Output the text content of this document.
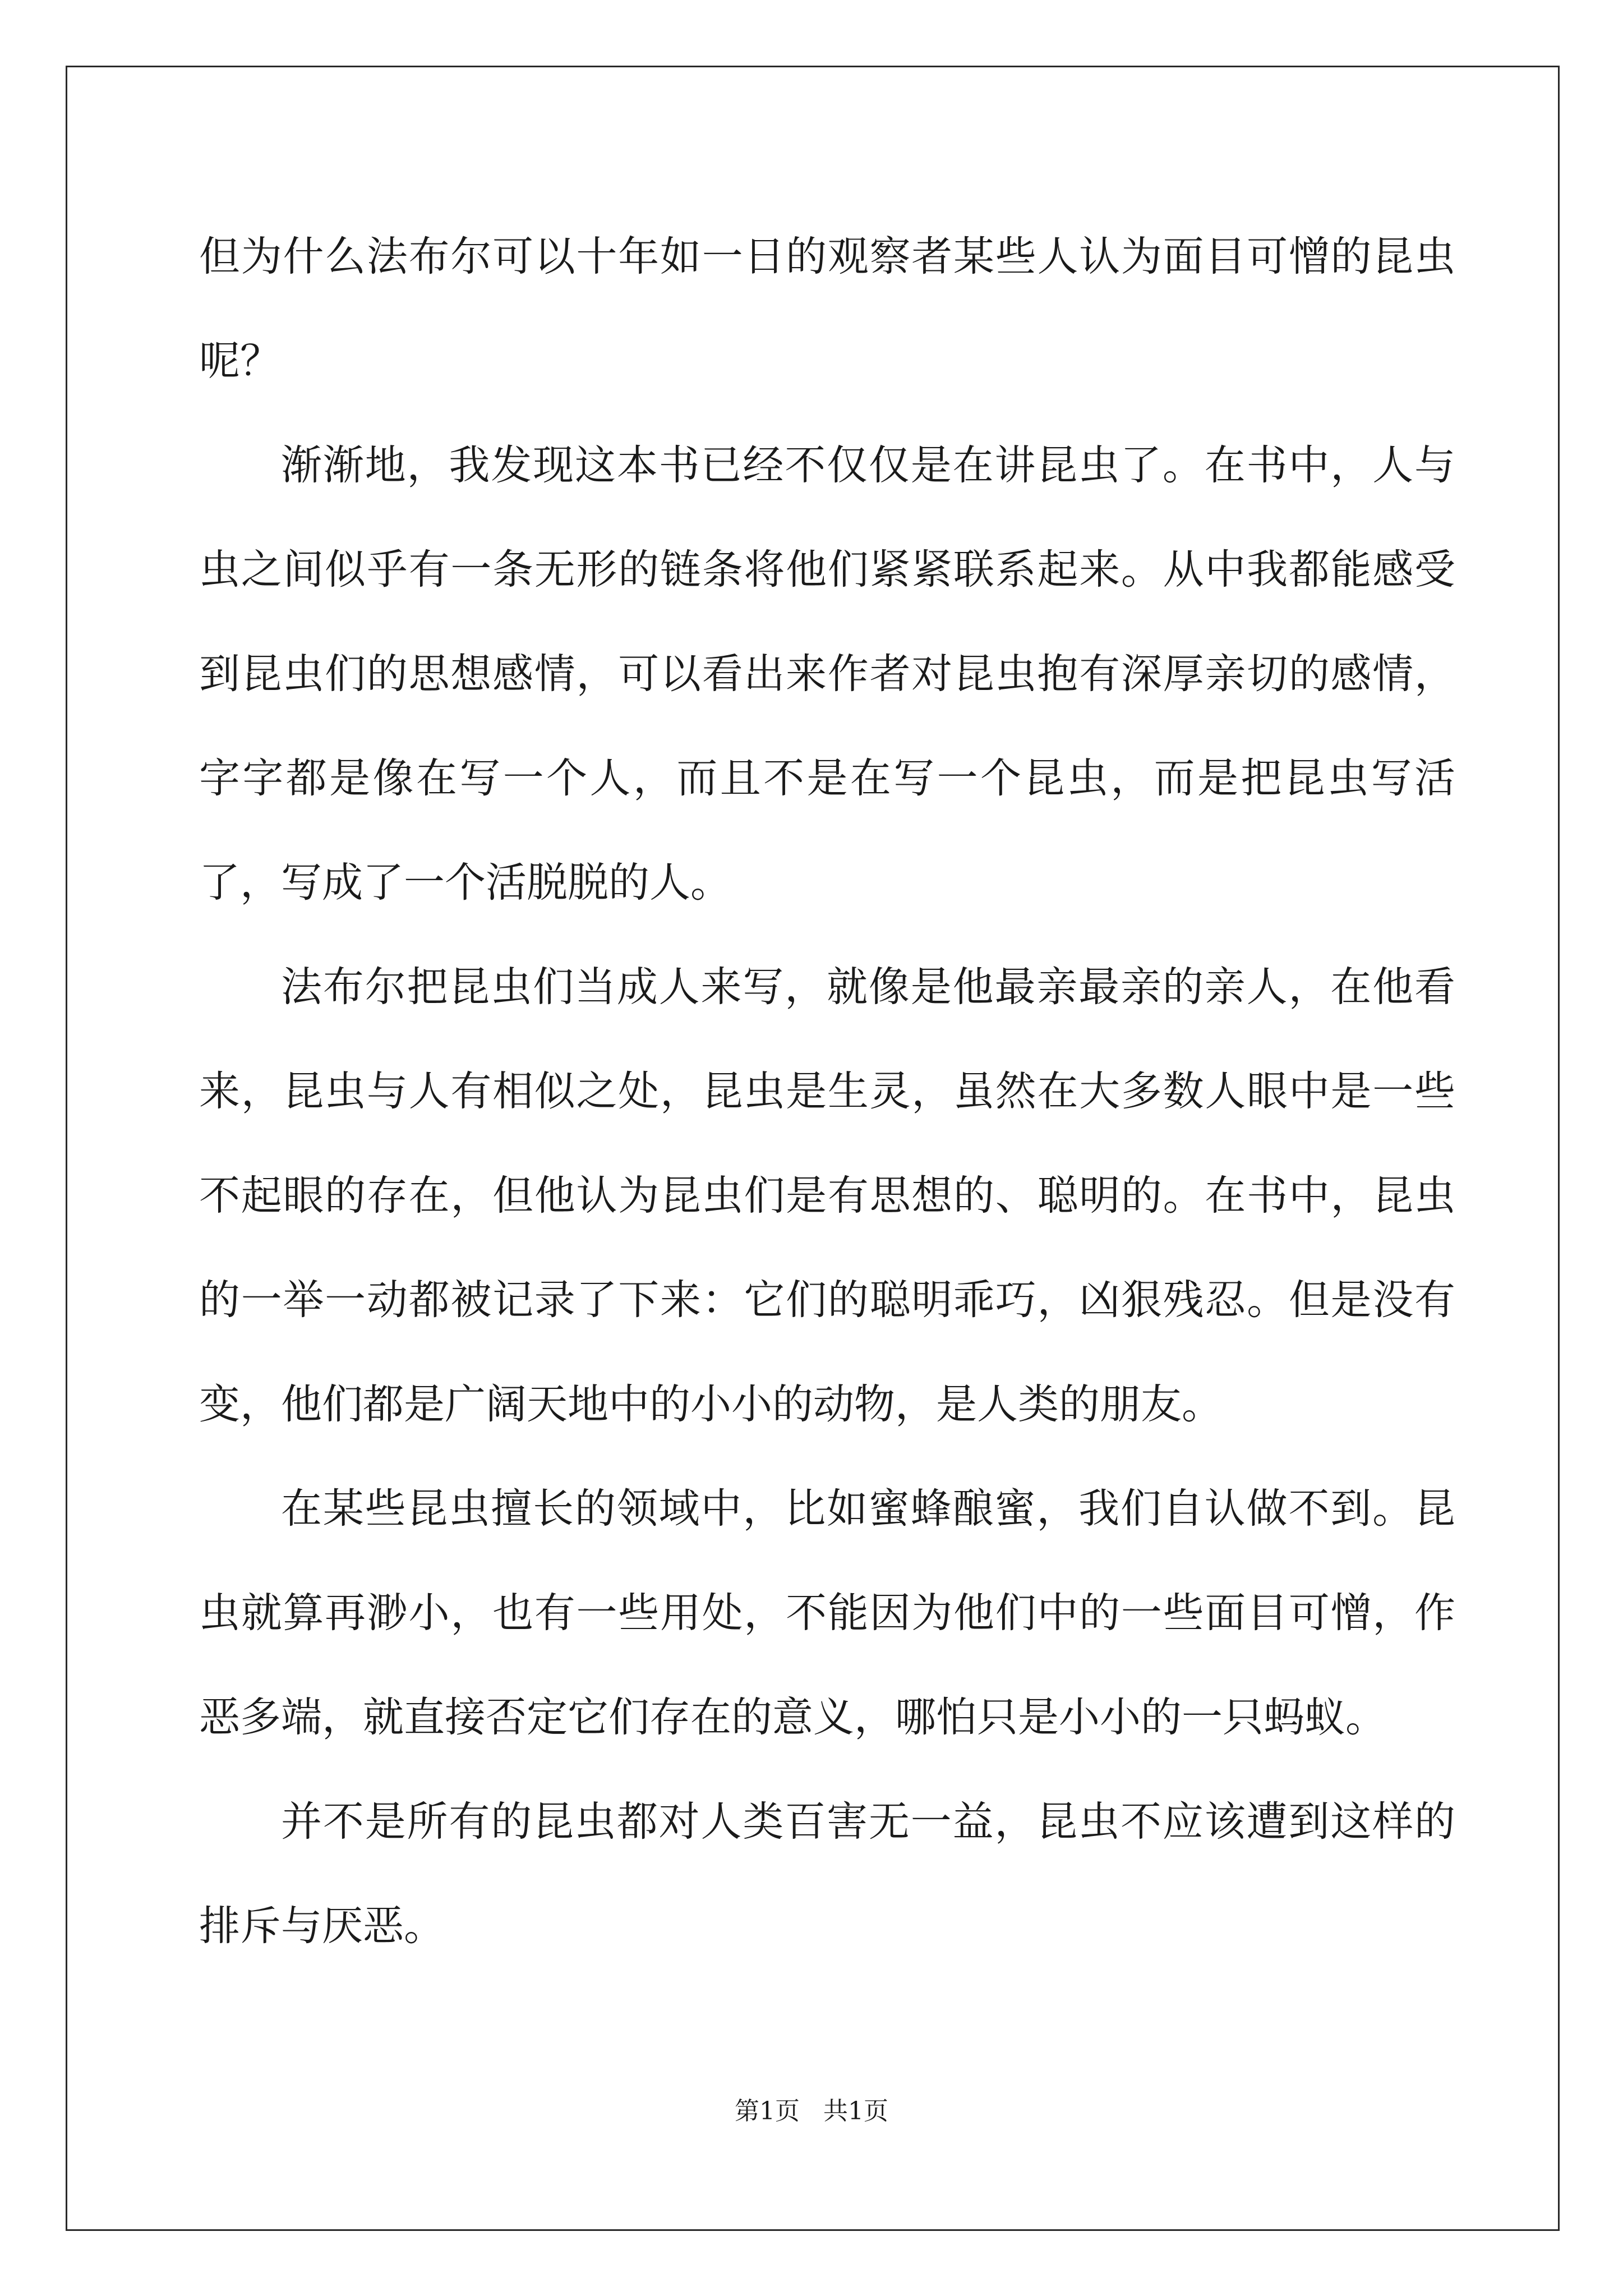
但为什么法布尔可以十年如一日的观察者某些人认为面目可憎的昆虫呢？

渐渐地，我发现这本书已经不仅仅是在讲昆虫了。在书中，人与虫之间似乎有一条无形的链条将他们紧紧联系起来。从中我都能感受到昆虫们的思想感情，可以看出来作者对昆虫抱有深厚亲切的感情，字字都是像在写一个人，而且不是在写一个昆虫，而是把昆虫写活了，写成了一个活脱脱的人。

法布尔把昆虫们当成人来写，就像是他最亲最亲的亲人，在他看来，昆虫与人有相似之处，昆虫是生灵，虽然在大多数人眼中是一些不起眼的存在，但他认为昆虫们是有思想的、聪明的。在书中，昆虫的一举一动都被记录了下来：它们的聪明乖巧，凶狠残忍。但是没有变，他们都是广阔天地中的小小的动物，是人类的朋友。

在某些昆虫擅长的领域中，比如蜜蜂酿蜜，我们自认做不到。昆虫就算再渺小，也有一些用处，不能因为他们中的一些面目可憎，作恶多端，就直接否定它们存在的意义，哪怕只是小小的一只蚂蚁。

并不是所有的昆虫都对人类百害无一益，昆虫不应该遭到这样的排斥与厌恶。

第1页   共1页
